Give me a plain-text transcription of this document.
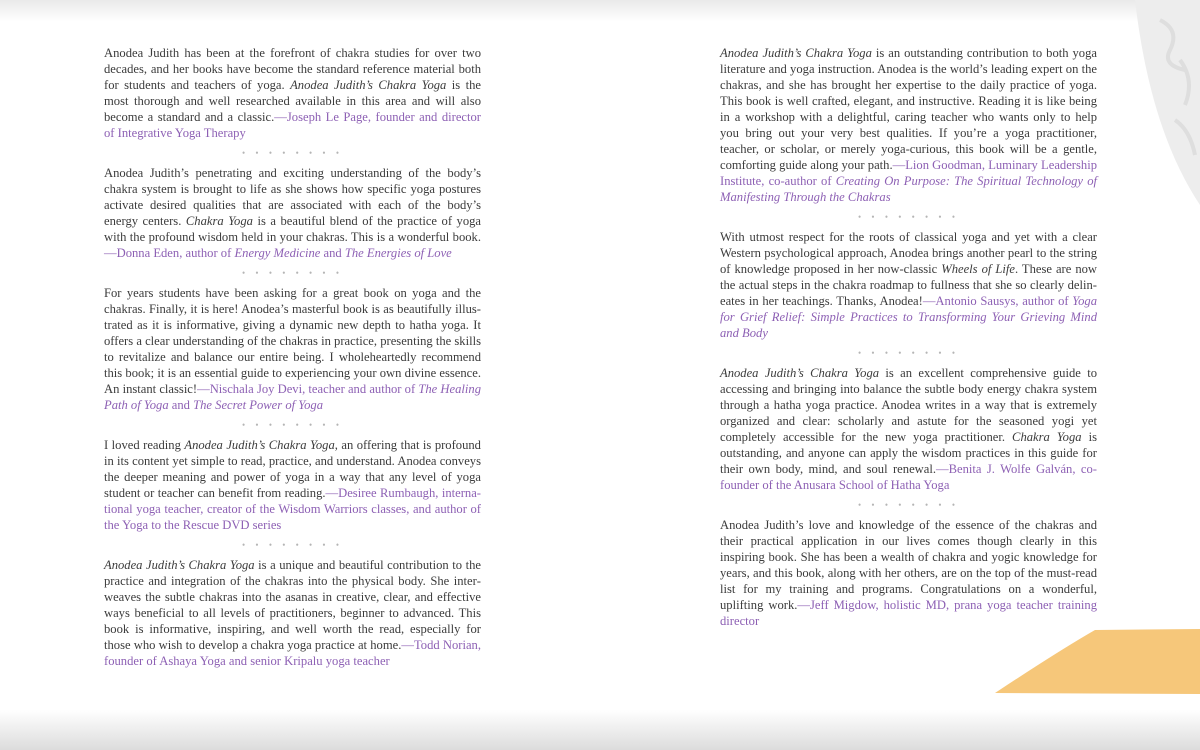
Anodea Judith has been at the forefront of chakra studies for over two decades, and her books have become the standard reference material both for students and teachers of yoga. Anodea Judith’s Chakra Yoga is the most thorough and well researched available in this area and will also become a standard and a classic.—Joseph Le Page, founder and director of Integrative Yoga Therapy
• • • • • • • •
Anodea Judith’s penetrating and exciting understanding of the body’s chakra system is brought to life as she shows how specific yoga postures activate desired qualities that are associated with each of the body’s energy centers. Chakra Yoga is a beautiful blend of the practice of yoga with the profound wisdom held in your chakras. This is a wonderful book.—Donna Eden, author of Energy Medicine and The Energies of Love
• • • • • • • •
For years students have been asking for a great book on yoga and the chakras. Finally, it is here! Anodea’s masterful book is as beautifully illustrated as it is informative, giving a dynamic new depth to hatha yoga. It offers a clear understanding of the chakras in practice, presenting the skills to revitalize and balance our entire being. I wholeheartedly recommend this book; it is an essential guide to experiencing your own divine essence. An instant classic!—Nischala Joy Devi, teacher and author of The Healing Path of Yoga and The Secret Power of Yoga
• • • • • • • •
I loved reading Anodea Judith’s Chakra Yoga, an offering that is profound in its content yet simple to read, practice, and understand. Anodea conveys the deeper meaning and power of yoga in a way that any level of yoga student or teacher can benefit from reading.—Desiree Rumbaugh, international yoga teacher, creator of the Wisdom Warriors classes, and author of the Yoga to the Rescue DVD series
• • • • • • • •
Anodea Judith’s Chakra Yoga is a unique and beautiful contribution to the practice and integration of the chakras into the physical body. She interweaves the subtle chakras into the asanas in creative, clear, and effective ways beneficial to all levels of practitioners, beginner to advanced. This book is informative, inspiring, and well worth the read, especially for those who wish to develop a chakra yoga practice at home.—Todd Norian, founder of Ashaya Yoga and senior Kripalu yoga teacher
Anodea Judith’s Chakra Yoga is an outstanding contribution to both yoga literature and yoga instruction. Anodea is the world’s leading expert on the chakras, and she has brought her expertise to the daily practice of yoga. This book is well crafted, elegant, and instructive. Reading it is like being in a workshop with a delightful, caring teacher who wants only to help you bring out your very best qualities. If you’re a yoga practitioner, teacher, or scholar, or merely yoga-curious, this book will be a gentle, comforting guide along your path.—Lion Goodman, Luminary Leadership Institute, co-author of Creating On Purpose: The Spiritual Technology of Manifesting Through the Chakras
• • • • • • • •
With utmost respect for the roots of classical yoga and yet with a clear Western psychological approach, Anodea brings another pearl to the string of knowledge proposed in her now-classic Wheels of Life. These are now the actual steps in the chakra roadmap to fullness that she so clearly delineates in her teachings. Thanks, Anodea!—Antonio Sausys, author of Yoga for Grief Relief: Simple Practices to Transforming Your Grieving Mind and Body
• • • • • • • •
Anodea Judith’s Chakra Yoga is an excellent comprehensive guide to accessing and bringing into balance the subtle body energy chakra system through a hatha yoga practice. Anodea writes in a way that is extremely organized and clear: scholarly and astute for the seasoned yogi yet completely accessible for the new yoga practitioner. Chakra Yoga is outstanding, and anyone can apply the wisdom practices in this guide for their own body, mind, and soul renewal.—Benita J. Wolfe Galván, co-founder of the Anusara School of Hatha Yoga
• • • • • • • •
Anodea Judith’s love and knowledge of the essence of the chakras and their practical application in our lives comes though clearly in this inspiring book. She has been a wealth of chakra and yogic knowledge for years, and this book, along with her others, are on the top of the must-read list for my training and programs. Congratulations on a wonderful, uplifting work.—Jeff Migdow, holistic MD, prana yoga teacher training director
